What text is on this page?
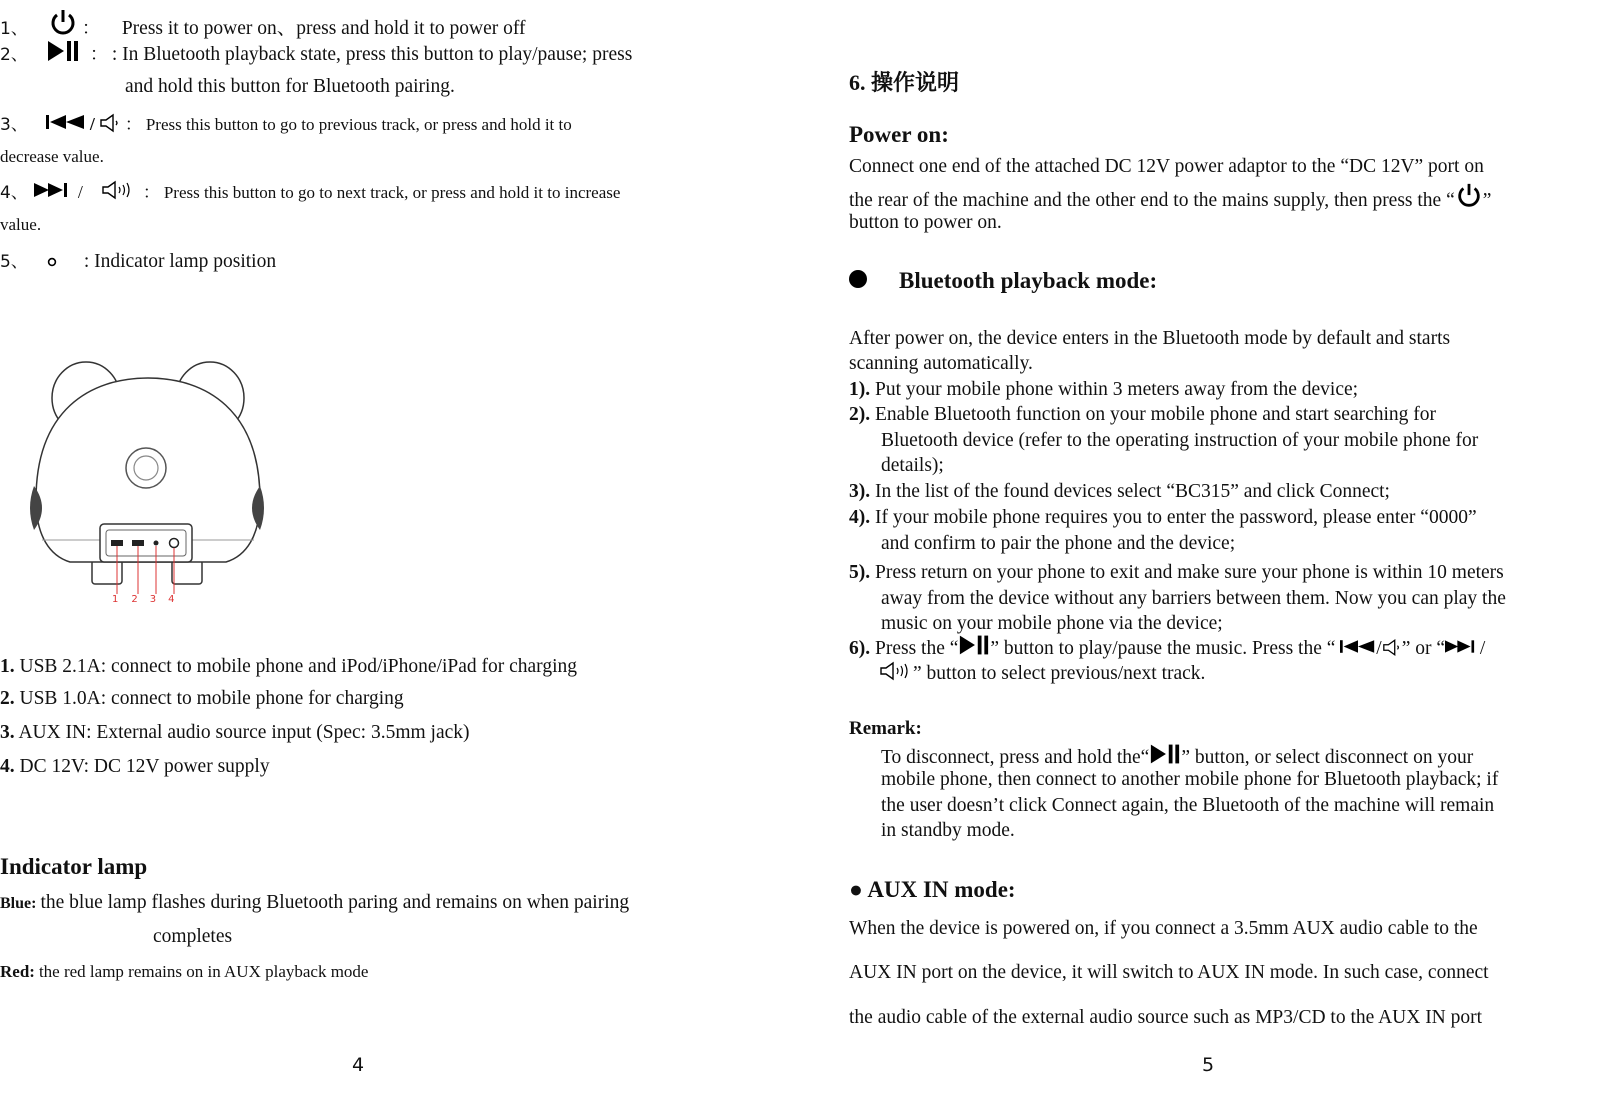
1、	： Press it to power on、press and hold it to power off
2、	： : In Bluetooth playback state, press this button to play/pause; press
and hold this button for Bluetooth pairing.
3、	/ ： Press this button to go to previous track, or press and hold it to
decrease value.
4、	/	： Press this button to go to next track, or press and hold it to increase
value.
5、	: Indicator lamp position
1 2 3 4
1. USB 2.1A: connect to mobile phone and iPod/iPhone/iPad for charging
2. USB 1.0A: connect to mobile phone for charging
3. AUX IN: External audio source input (Spec: 3.5mm jack)
4. DC 12V: DC 12V power supply
Indicator lamp
Blue: the blue lamp flashes during Bluetooth paring and remains on when pairing
completes
Red: the red lamp remains on in AUX playback mode
4
6. 操作说明
Power on:
Connect one end of the attached DC 12V power adaptor to the “DC 12V” port on
the rear of the machine and the other end to the mains supply, then press the “ ”
button to power on.
Bluetooth playback mode:
After power on, the device enters in the Bluetooth mode by default and starts
scanning automatically.
1). Put your mobile phone within 3 meters away from the device;
2). Enable Bluetooth function on your mobile phone and start searching for
Bluetooth device (refer to the operating instruction of your mobile phone for
details);
3). In the list of the found devices select “BC315” and click Connect;
4). If your mobile phone requires you to enter the password, please enter “0000”
and confirm to pair the phone and the device;
5). Press return on your phone to exit and make sure your phone is within 10 meters
away from the device without any barriers between them. Now you can play the
music on your mobile phone via the device;
6). Press the “ ” button to play/pause the music. Press the “ / ” or “ /
” button to select previous/next track.
Remark:
To disconnect, press and hold the“ ” button, or select disconnect on your
mobile phone, then connect to another mobile phone for Bluetooth playback; if
the user doesn’t click Connect again, the Bluetooth of the machine will remain
in standby mode.
● AUX IN mode:
When the device is powered on, if you connect a 3.5mm AUX audio cable to the
AUX IN port on the device, it will switch to AUX IN mode. In such case, connect
the audio cable of the external audio source such as MP3/CD to the AUX IN port
5
